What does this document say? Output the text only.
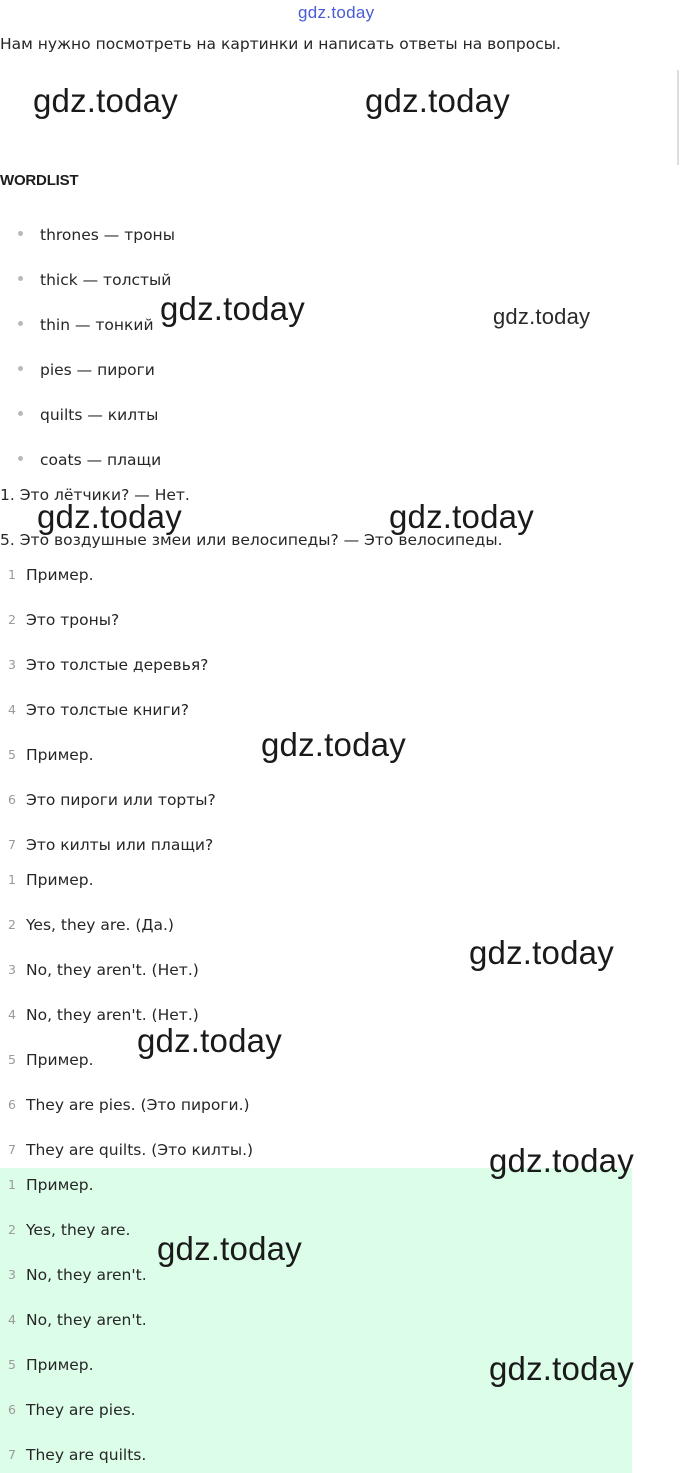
gdz.today
Нам нужно посмотреть на картинки и написать ответы на вопросы.
WORDLIST
thrones — троны
thick — толстый
thin — тонкий
pies — пироги
quilts — килты
coats — плащи
1. Это лётчики? — Нет.
5. Это воздушные змеи или велосипеды? — Это велосипеды.
1 Пример.
2 Это троны?
3 Это толстые деревья?
4 Это толстые книги?
5 Пример.
6 Это пироги или торты?
7 Это килты или плащи?
1 Пример.
2 Yes, they are. (Да.)
3 No, they aren't. (Нет.)
4 No, they aren't. (Нет.)
5 Пример.
6 They are pies. (Это пироги.)
7 They are quilts. (Это килты.)
1 Пример.
2 Yes, they are.
3 No, they aren't.
4 No, they aren't.
5 Пример.
6 They are pies.
7 They are quilts.
gdz.today	gdz.today
gdz.today	gdz.today
gdz.today	gdz.today
gdz.today
gdz.today
gdz.today
gdz.today
gdz.today
gdz.today
